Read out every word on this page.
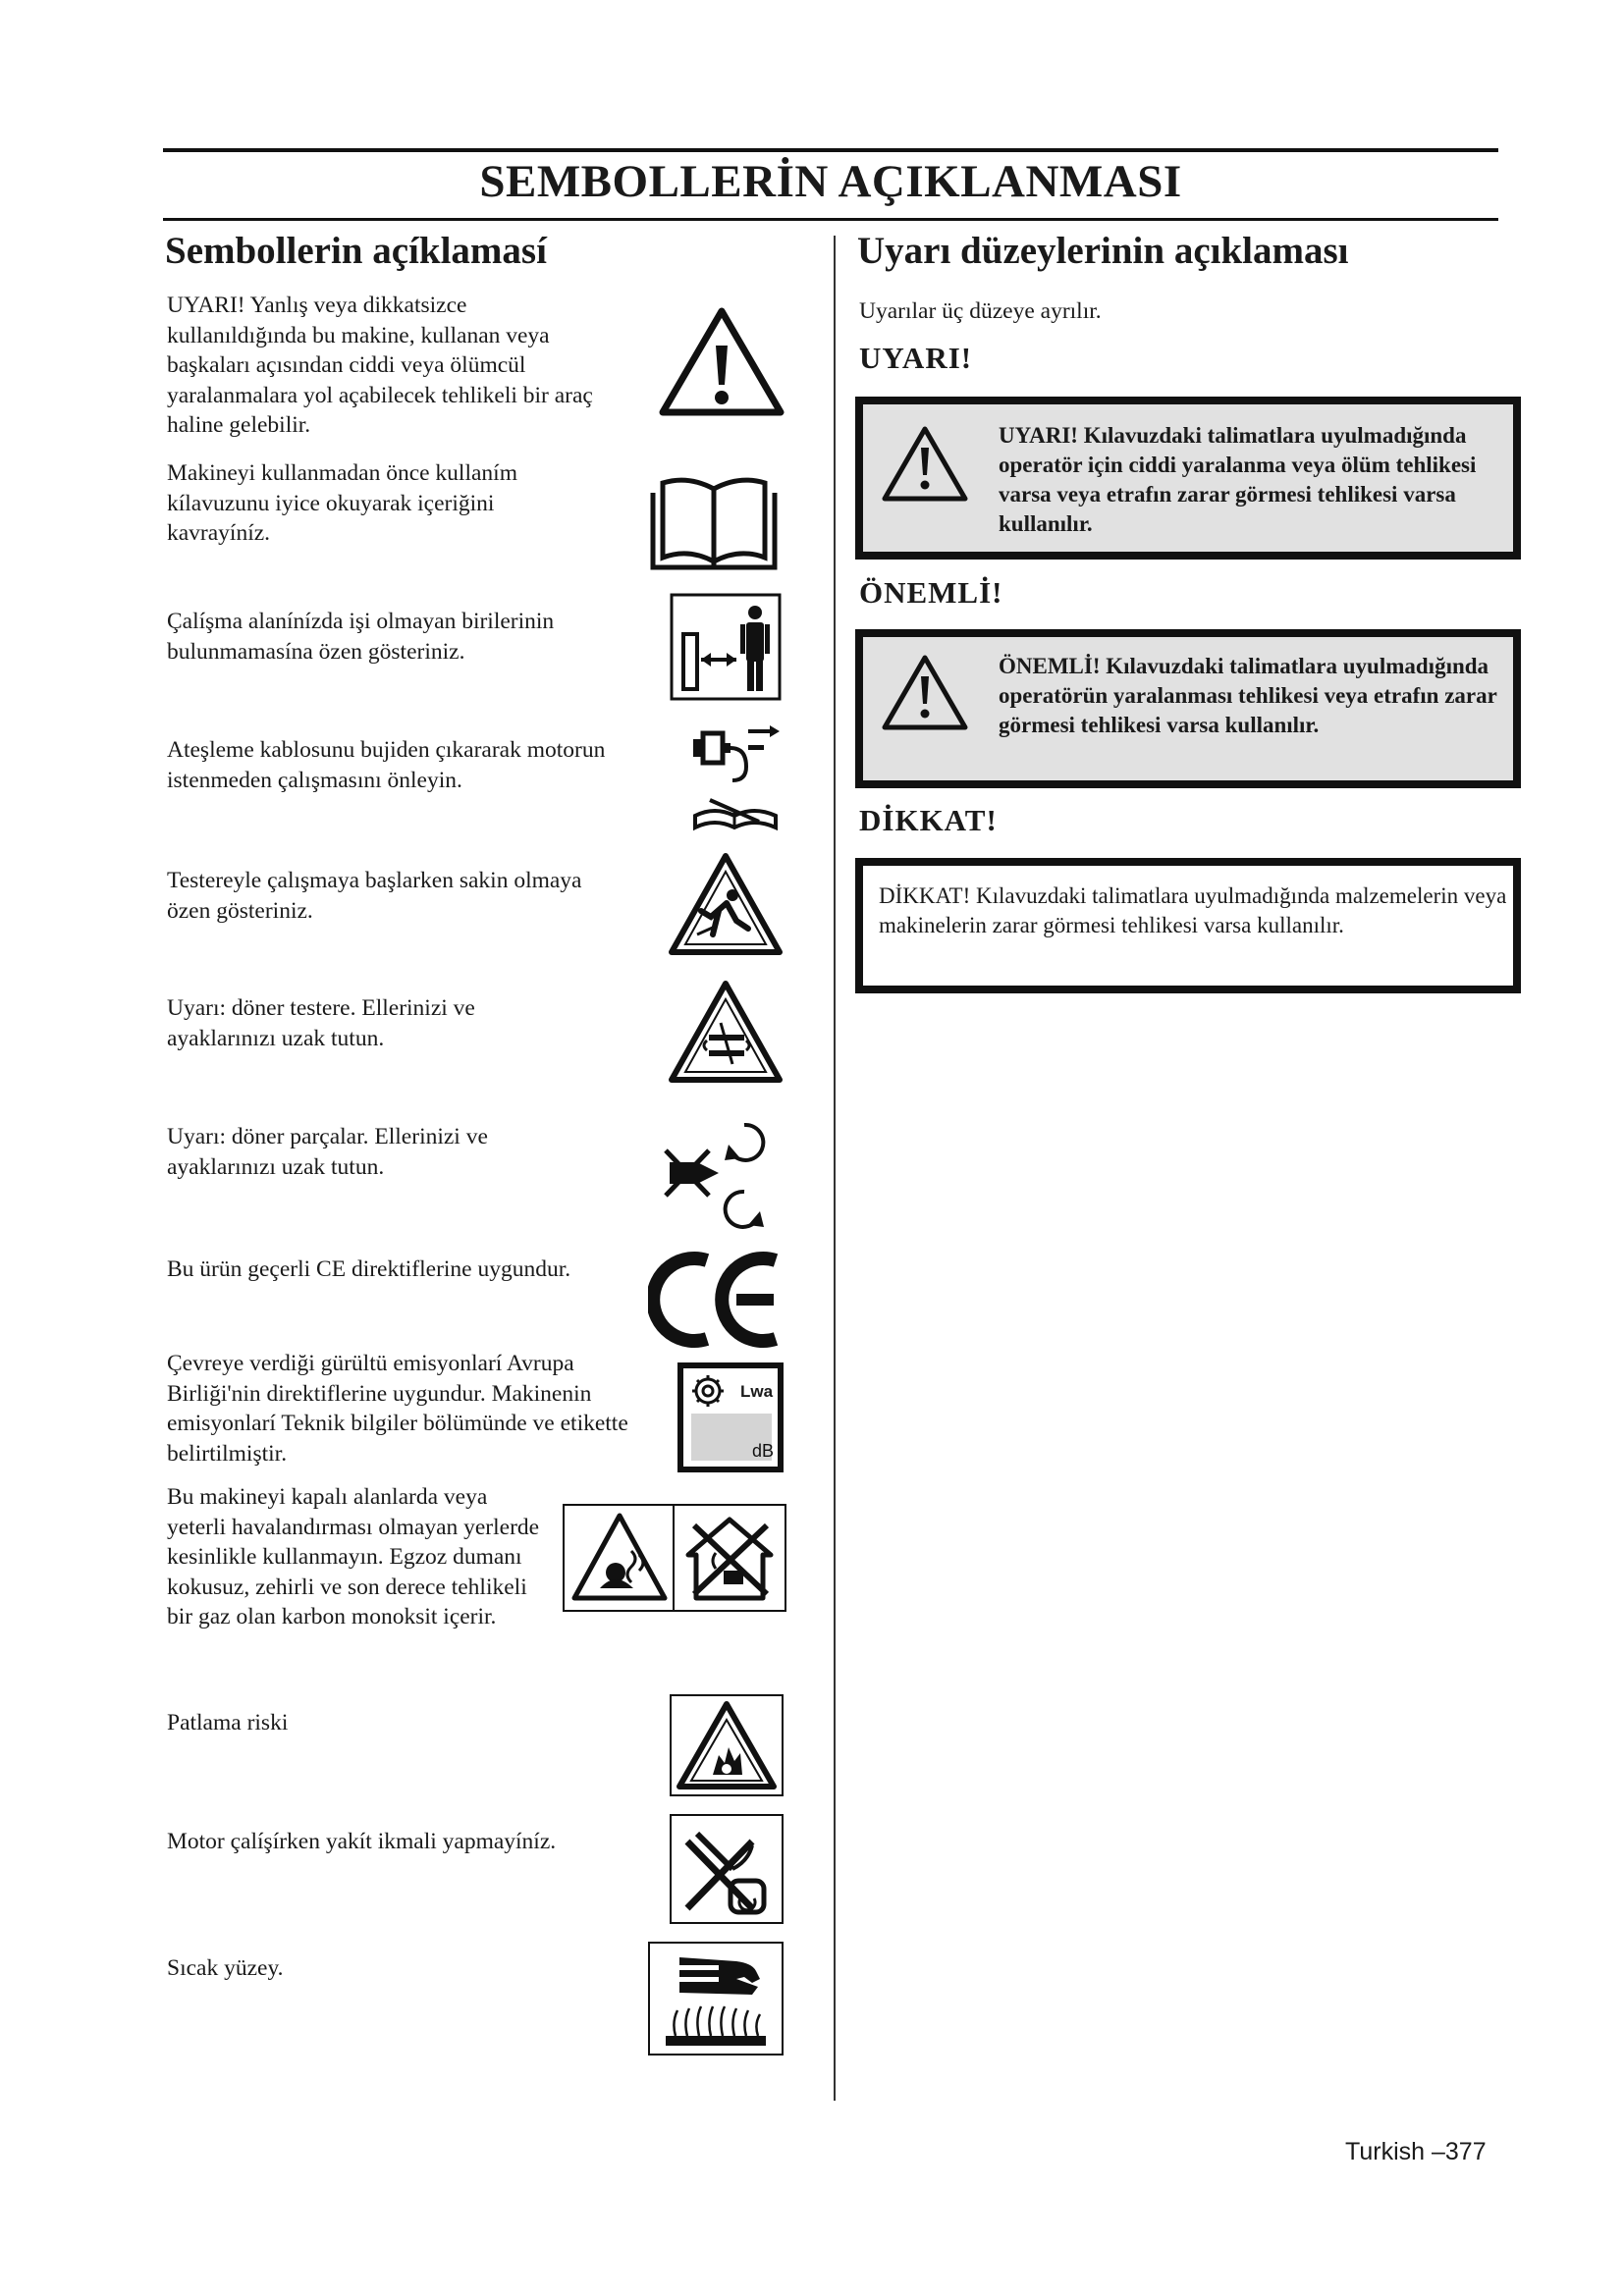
SEMBOLLERİN AÇIKLANMASI
Sembollerin açíklamasí
UYARI! Yanlış veya dikkatsizce kullanıldığında bu makine, kullanan veya başkaları açısından ciddi veya ölümcül yaralanmalara yol açabilecek tehlikeli bir araç haline gelebilir.
Makineyi kullanmadan önce kullaním kílavuzunu iyice okuyarak içeriğini kavrayíníz.
Çalíşma alanínízda işi olmayan birilerinin bulunmamasína özen gösteriniz.
Ateşleme kablosunu bujiden çıkararak motorun istenmeden çalışmasını önleyin.
Testereyle çalışmaya başlarken sakin olmaya özen gösteriniz.
Uyarı: döner testere. Ellerinizi ve ayaklarınızı uzak tutun.
Uyarı: döner parçalar. Ellerinizi ve ayaklarınızı uzak tutun.
Bu ürün geçerli CE direktiflerine uygundur.
Çevreye verdiği gürültü emisyonlarí Avrupa Birliği'nin direktiflerine uygundur. Makinenin emisyonlarí Teknik bilgiler bölümünde ve etikette belirtilmiştir.
Lwa
dB
Bu makineyi kapalı alanlarda veya yeterli havalandırması olmayan yerlerde kesinlikle kullanmayın. Egzoz dumanı kokusuz, zehirli ve son derece tehlikeli bir gaz olan karbon monoksit içerir.
Patlama riski
Motor çalíşírken yakít ikmali yapmayíníz.
Sıcak yüzey.
Uyarı düzeylerinin açıklaması
Uyarılar üç düzeye ayrılır.
UYARI!
UYARI! Kılavuzdaki talimatlara uyulmadığında operatör için ciddi yaralanma veya ölüm tehlikesi varsa veya etrafın zarar görmesi tehlikesi varsa kullanılır.
ÖNEMLİ!
ÖNEMLİ! Kılavuzdaki talimatlara uyulmadığında operatörün yaralanması tehlikesi veya etrafın zarar görmesi tehlikesi varsa kullanılır.
DİKKAT!
DİKKAT! Kılavuzdaki talimatlara uyulmadığında malzemelerin veya makinelerin zarar görmesi tehlikesi varsa kullanılır.
Turkish –377
